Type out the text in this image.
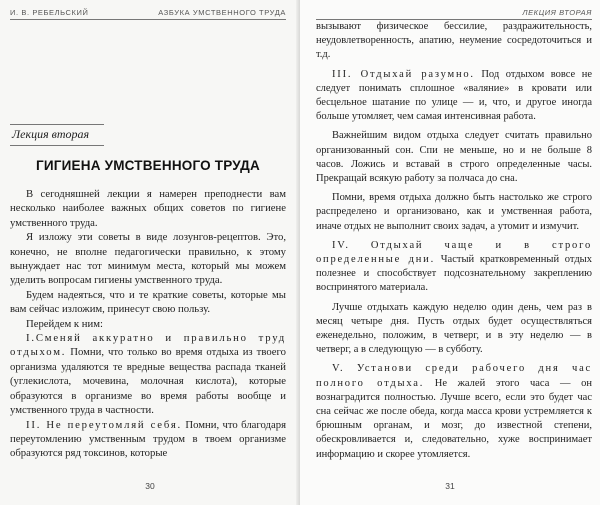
И. В. РЕБЕЛЬСКИЙ	АЗБУКА УМСТВЕННОГО ТРУДА
Лекция вторая
ГИГИЕНА УМСТВЕННОГО ТРУДА

В сегодняшней лекции я намерен преподнести вам несколько наиболее важных общих советов по гигиене умственного труда.

Я изложу эти советы в виде лозунгов-рецептов. Это, конечно, не вполне педагогически правильно, к этому вынуждает нас тот минимум места, который мы можем уделить вопросам гигиены умственного труда.

Будем надеяться, что и те краткие советы, которые мы вам сейчас изложим, принесут свою пользу.

Перейдем к ним:

I.Сменяй аккуратно и правильно труд отдыхом. Помни, что только во время отдыха из твоего организма удаляются те вредные вещества распада тканей (углекислота, мочевина, молочная кислота), которые образуются в организме во время работы вообще и умственного труда в частности.

II. Не переутомляй себя. Помни, что благодаря переутомлению умственным трудом в твоем организме образуются ряд токсинов, которые

30
ЛЕКЦИЯ ВТОРАЯ

вызывают физическое бессилие, раздражительность, неудовлетворенность, апатию, неумение сосредоточиться и т.д.

III. Отдыхай разумно. Под отдыхом вовсе не следует понимать сплошное «валяние» в кровати или бесцельное шатание по улице — и, что, и другое иногда больше утомляет, чем самая интенсивная работа.

Важнейшим видом отдыха следует считать правильно организованный сон. Спи не меньше, но и не больше 8 часов. Ложись и вставай в строго определенные часы. Прекращай всякую работу за полчаса до сна.

Помни, время отдыха должно быть настолько же строго распределено и организовано, как и умственная работа, иначе отдых не выполнит своих задач, а утомит и измучит.

IV. Отдыхай чаще и в строго определенные дни. Частый кратковременный отдых полезнее и способствует подсознательному закреплению воспринятого материала.

Лучше отдыхать каждую неделю один день, чем раз в месяц четыре дня. Пусть отдых будет осуществляться еженедельно, положим, в четверг, и в эту неделю — в четверг, а в следующую — в субботу.

V. Установи среди рабочего дня час полного отдыха. Не жалей этого часа — он вознаградится полностью. Лучше всего, если это будет час сна сейчас же после обеда, когда масса крови устремляется к брюшным органам, и мозг, до известной степени, обескровливается и, следовательно, хуже воспринимает информацию и скорее утомляется.

31
